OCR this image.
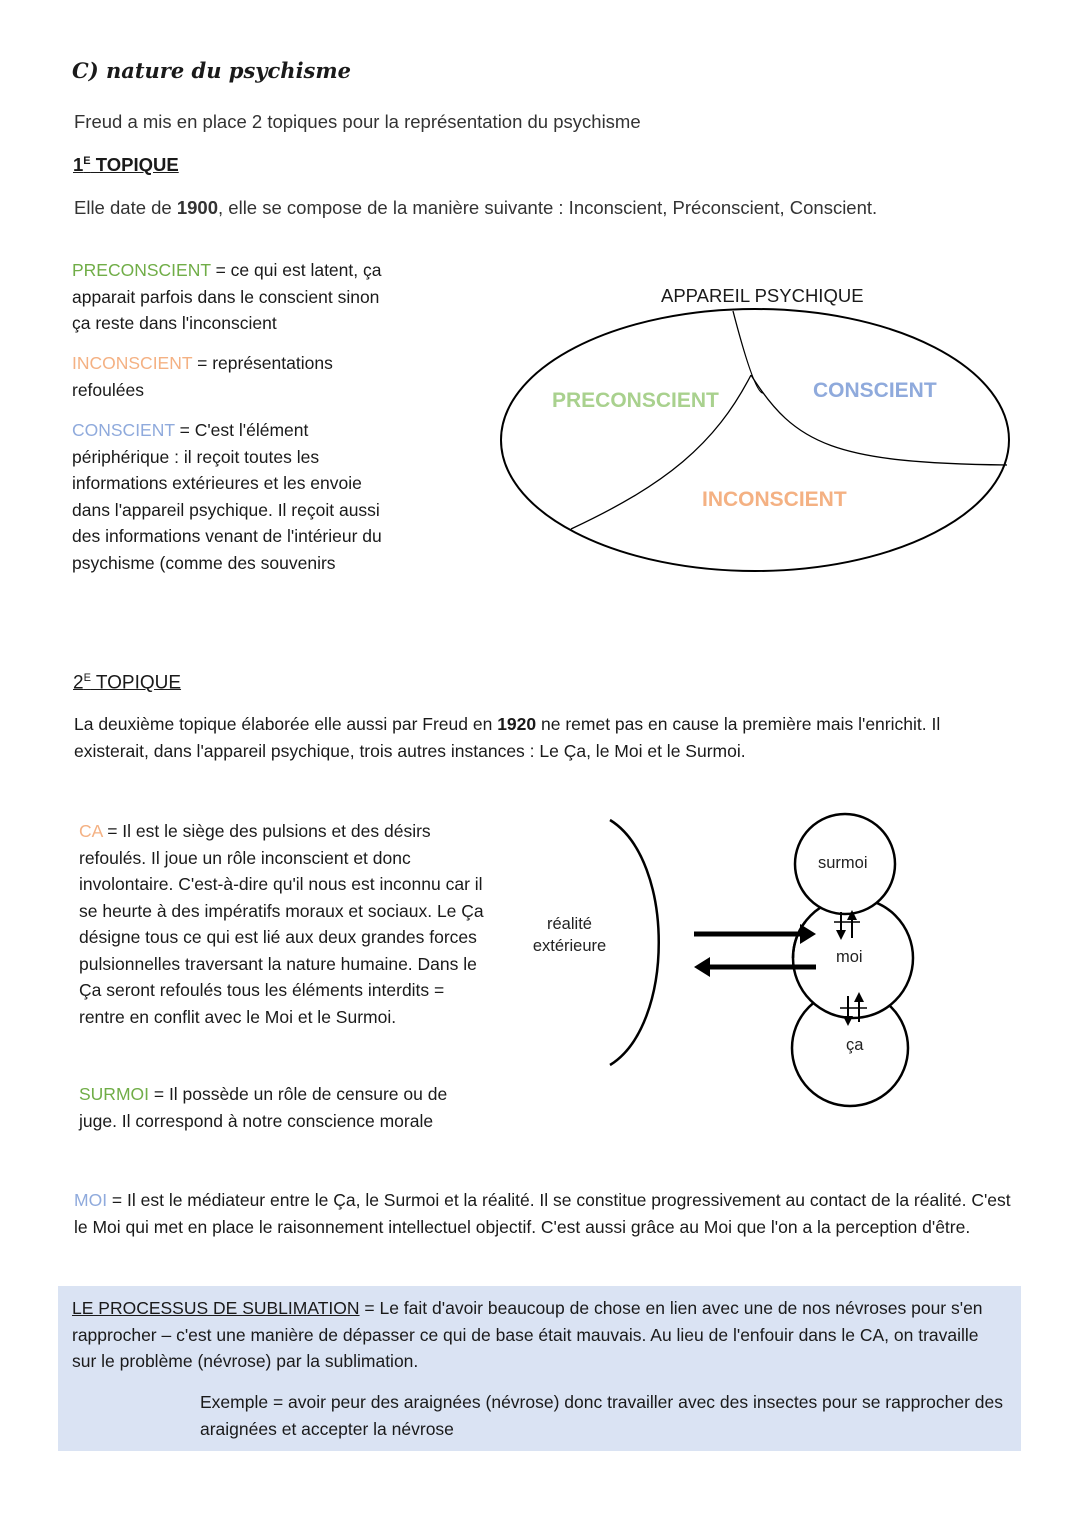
C) nature du psychisme
Freud a mis en place 2 topiques pour la représentation du psychisme
$1^E$ TOPIQUE
Elle date de 1900, elle se compose de la manière suivante : Inconscient, Préconscient, Conscient.
PRECONSCIENT = ce qui est latent, ça apparait parfois dans le conscient sinon ça reste dans l'inconscient
INCONSCIENT = représentations refoulées
CONSCIENT = C'est l'élément périphérique : il reçoit toutes les informations extérieures et les envoie dans l'appareil psychique. Il reçoit aussi des informations venant de l'intérieur du psychisme (comme des souvenirs
APPAREIL PSYCHIQUE
PRECONSCIENT	CONSCIENT
INCONSCIENT
$2^E$ TOPIQUE
La deuxième topique élaborée elle aussi par Freud en 1920 ne remet pas en cause la première mais l'enrichit. Il existerait, dans l'appareil psychique, trois autres instances : Le Ça, le Moi et le Surmoi.
CA = Il est le siège des pulsions et des désirs refoulés. Il joue un rôle inconscient et donc involontaire. C'est-à-dire qu'il nous est inconnu car il se heurte à des impératifs moraux et sociaux. Le Ça désigne tous ce qui est lié aux deux grandes forces pulsionnelles traversant la nature humaine. Dans le Ça seront refoulés tous les éléments interdits = rentre en conflit avec le Moi et le Surmoi.
SURMOI = Il possède un rôle de censure ou de juge. Il correspond à notre conscience morale
réalité
extérieure
surmoi
moi
ça
MOI = Il est le médiateur entre le Ça, le Surmoi et la réalité. Il se constitue progressivement au contact de la réalité. C'est le Moi qui met en place le raisonnement intellectuel objectif. C'est aussi grâce au Moi que l'on a la perception d'être.
LE PROCESSUS DE SUBLIMATION = Le fait d'avoir beaucoup de chose en lien avec une de nos névroses pour s'en rapprocher – c'est une manière de dépasser ce qui de base était mauvais. Au lieu de l'enfouir dans le CA, on travaille sur le problème (névrose) par la sublimation.
Exemple = avoir peur des araignées (névrose) donc travailler avec des insectes pour se rapprocher des araignées et accepter la névrose
